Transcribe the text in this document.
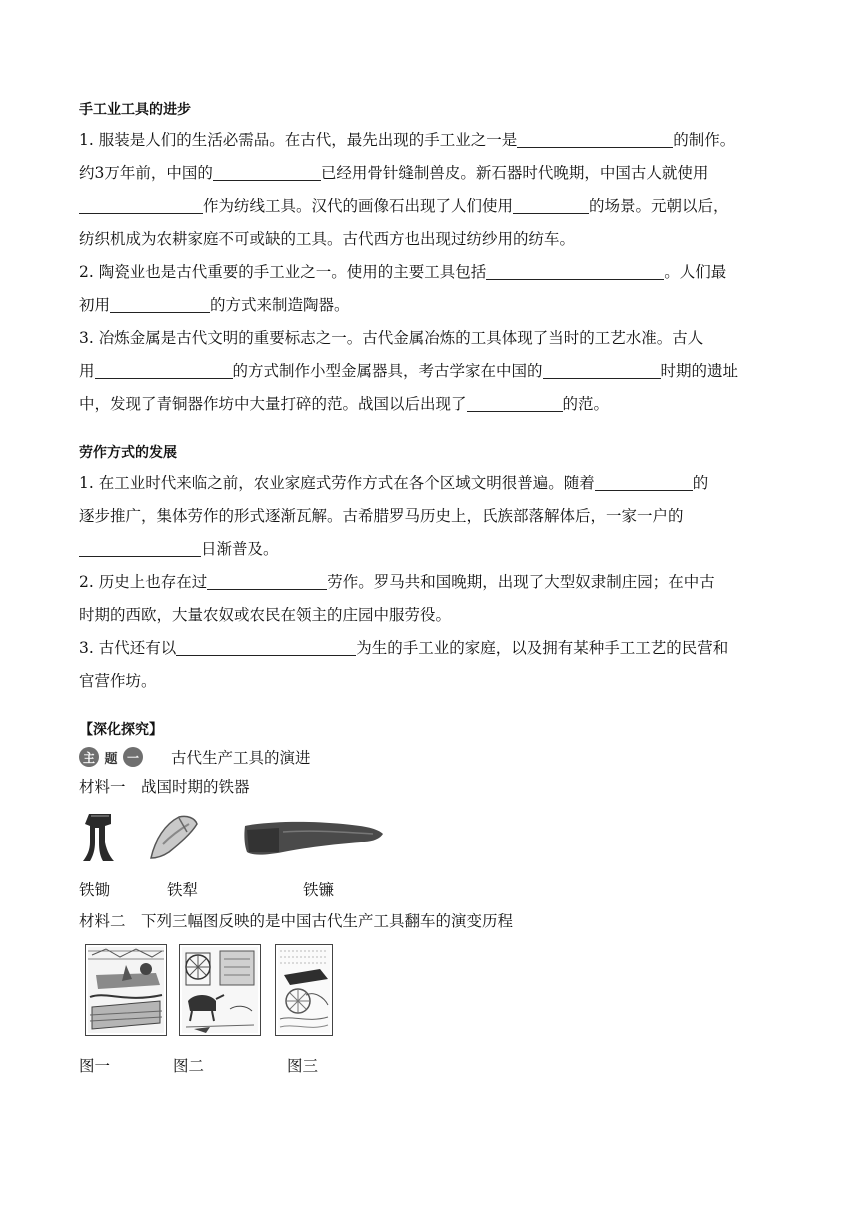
手工业工具的进步

1. 服装是人们的生活必需品。在古代，最先出现的手工业之一是	的制作。

约3万年前，中国的	已经用骨针缝制兽皮。新石器时代晚期，中国古人就使用

作为纺线工具。汉代的画像石出现了人们使用	的场景。元朝以后，

纺织机成为农耕家庭不可或缺的工具。古代西方也出现过纺纱用的纺车。

2. 陶瓷业也是古代重要的手工业之一。使用的主要工具包括	。人们最

初用	的方式来制造陶器。

3. 冶炼金属是古代文明的重要标志之一。古代金属冶炼的工具体现了当时的工艺水准。古人

用	的方式制作小型金属器具，考古学家在中国的	时期的遗址

中，发现了青铜器作坊中大量打碎的范。战国以后出现了	的范。

劳作方式的发展

1. 在工业时代来临之前，农业家庭式劳作方式在各个区域文明很普遍。随着	的

逐步推广，集体劳作的形式逐渐瓦解。古希腊罗马历史上，氏族部落解体后，一家一户的

日渐普及。

2. 历史上也存在过	劳作。罗马共和国晚期，出现了大型奴隶制庄园；在中古

时期的西欧，大量农奴或农民在领主的庄园中服劳役。

3. 古代还有以	为生的手工业的家庭，以及拥有某种手工工艺的民营和

官营作坊。

【深化探究】
主 题 一 古代生产工具的演进
材料一　战国时期的铁器
铁锄	铁犁	铁镰
材料二　下列三幅图反映的是中国古代生产工具翻车的演变历程
图一	图二	图三
